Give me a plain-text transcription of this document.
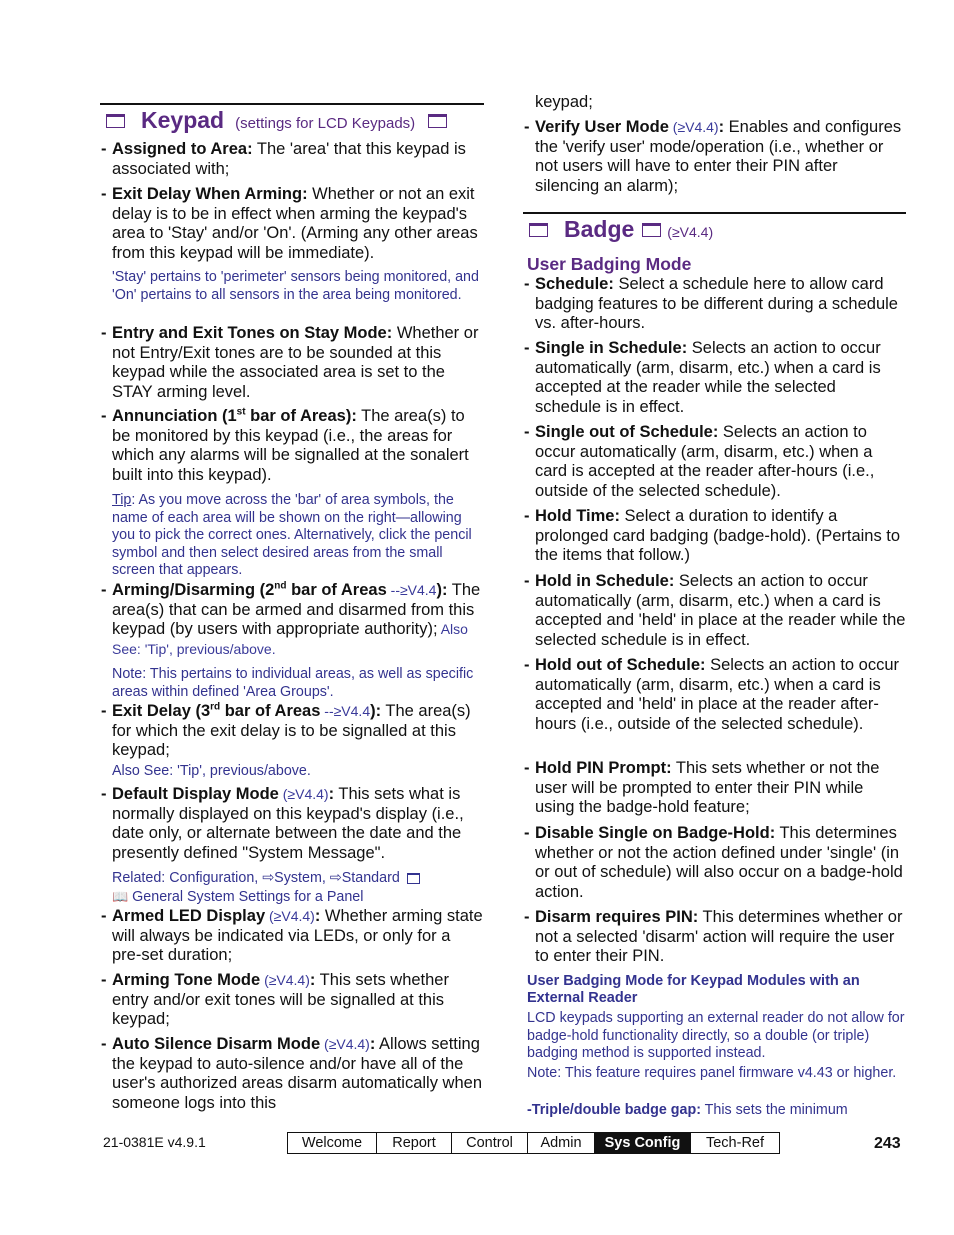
Keypad (settings for LCD Keypads)
- Assigned to Area: The 'area' that this keypad is associated with;
- Exit Delay When Arming: Whether or not an exit delay is to be in effect when arming the keypad's area to 'Stay' and/or 'On'. (Arming any other areas from this keypad will be immediate).
'Stay' pertains to 'perimeter' sensors being monitored, and 'On' pertains to all sensors in the area being monitored.
- Entry and Exit Tones on Stay Mode: Whether or not Entry/Exit tones are to be sounded at this keypad while the associated area is set to the STAY arming level.
- Annunciation (1st bar of Areas): The area(s) to be monitored by this keypad (i.e., the areas for which any alarms will be signalled at the sonalert built into this keypad).
Tip: As you move across the 'bar' of area symbols, the name of each area will be shown on the right—allowing you to pick the correct ones. Alternatively, click the pencil symbol and then select desired areas from the small screen that appears.
- Arming/Disarming (2nd bar of Areas --≥V4.4): The area(s) that can be armed and disarmed from this keypad (by users with appropriate authority); Also See: 'Tip', previous/above.
Note: This pertains to individual areas, as well as specific areas within defined 'Area Groups'.
- Exit Delay (3rd bar of Areas --≥V4.4): The area(s) for which the exit delay is to be signalled at this keypad;
Also See: 'Tip', previous/above.
- Default Display Mode (≥V4.4): This sets what is normally displayed on this keypad's display (i.e., date only, or alternate between the date and the presently defined "System Message".
Related: Configuration, ⇨System, ⇨Standard
📖 General System Settings for a Panel
- Armed LED Display (≥V4.4): Whether arming state will always be indicated via LEDs, or only for a pre-set duration;
- Arming Tone Mode (≥V4.4): This sets whether entry and/or exit tones will be signalled at this keypad;
- Auto Silence Disarm Mode (≥V4.4): Allows setting the keypad to auto-silence and/or have all of the user's authorized areas disarm automatically when someone logs into this
keypad;
- Verify User Mode (≥V4.4): Enables and configures the 'verify user' mode/operation (i.e., whether or not users will have to enter their PIN after silencing an alarm);
Badge (≥V4.4)
User Badging Mode
- Schedule: Select a schedule here to allow card badging features to be different during a schedule vs. after-hours.
- Single in Schedule: Selects an action to occur automatically (arm, disarm, etc.) when a card is accepted at the reader while the selected schedule is in effect.
- Single out of Schedule: Selects an action to occur automatically (arm, disarm, etc.) when a card is accepted at the reader after-hours (i.e., outside of the selected schedule).
- Hold Time: Select a duration to identify a prolonged card badging (badge-hold). (Pertains to the items that follow.)
- Hold in Schedule: Selects an action to occur automatically (arm, disarm, etc.) when a card is accepted and 'held' in place at the reader while the selected schedule is in effect.
- Hold out of Schedule: Selects an action to occur automatically (arm, disarm, etc.) when a card is accepted and 'held' in place at the reader after-hours (i.e., outside of the selected schedule).
- Hold PIN Prompt: This sets whether or not the user will be prompted to enter their PIN while using the badge-hold feature;
- Disable Single on Badge-Hold: This determines whether or not the action defined under 'single' (in or out of schedule) will also occur on a badge-hold action.
- Disarm requires PIN: This determines whether or not a selected 'disarm' action will require the user to enter their PIN.
User Badging Mode for Keypad Modules with an External Reader
LCD keypads supporting an external reader do not allow for badge-hold functionality directly, so a double (or triple) badging method is supported instead.
Note: This feature requires panel firmware v4.43 or higher.
-Triple/double badge gap: This sets the minimum
21-0381E v4.9.1	Welcome	Report	Control	Admin	Sys Config	Tech-Ref	243
